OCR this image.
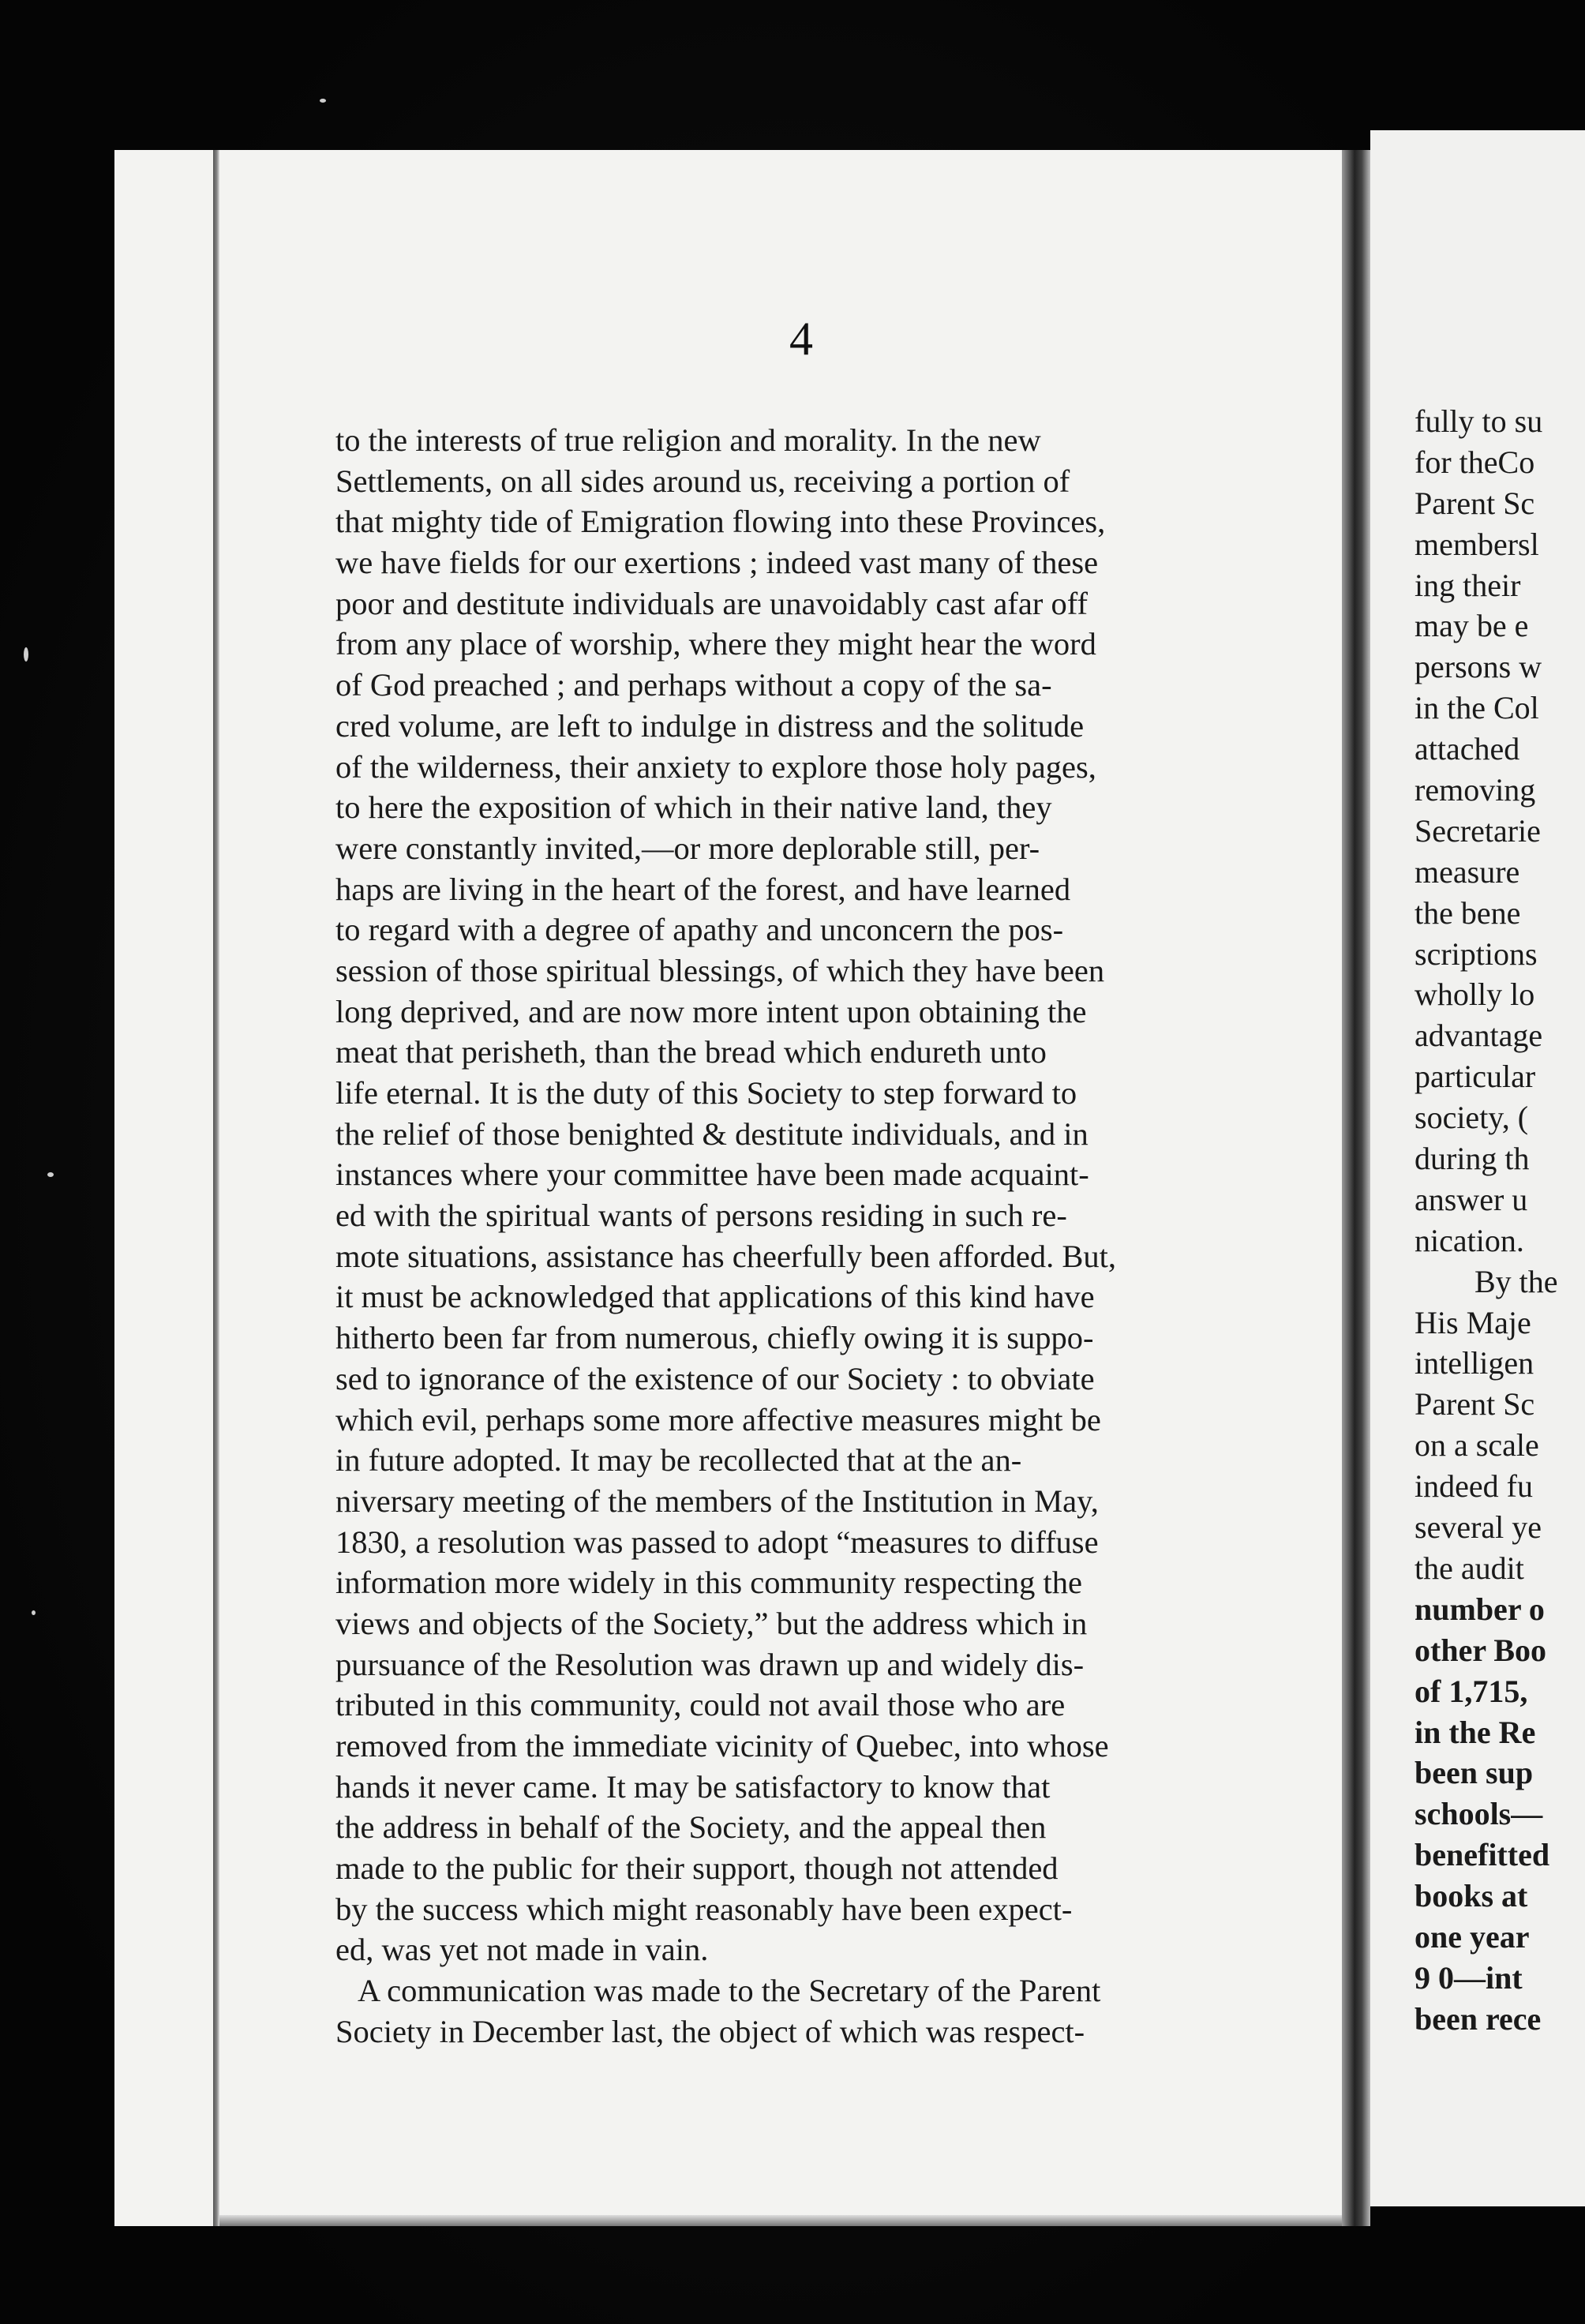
4
to the interests of true religion and morality. In the new
Settlements, on all sides around us, receiving a portion of
that mighty tide of Emigration flowing into these Provinces,
we have fields for our exertions ; indeed vast many of these
poor and destitute individuals are unavoidably cast afar off
from any place of worship, where they might hear the word
of God preached ; and perhaps without a copy of the sa-
cred volume, are left to indulge in distress and the solitude
of the wilderness, their anxiety to explore those holy pages,
to here the exposition of which in their native land, they
were constantly invited,—or more deplorable still, per-
haps are living in the heart of the forest, and have learned
to regard with a degree of apathy and unconcern the pos-
session of those spiritual blessings, of which they have been
long deprived, and are now more intent upon obtaining the
meat that perisheth, than the bread which endureth unto
life eternal. It is the duty of this Society to step forward to
the relief of those benighted & destitute individuals, and in
instances where your committee have been made acquaint-
ed with the spiritual wants of persons residing in such re-
mote situations, assistance has cheerfully been afforded. But,
it must be acknowledged that applications of this kind have
hitherto been far from numerous, chiefly owing it is suppo-
sed to ignorance of the existence of our Society : to obviate
which evil, perhaps some more affective measures might be
in future adopted. It may be recollected that at the an-
niversary meeting of the members of the Institution in May,
1830, a resolution was passed to adopt “measures to diffuse
information more widely in this community respecting the
views and objects of the Society,” but the address which in
pursuance of the Resolution was drawn up and widely dis-
tributed in this community, could not avail those who are
removed from the immediate vicinity of Quebec, into whose
hands it never came. It may be satisfactory to know that
the address in behalf of the Society, and the appeal then
made to the public for their support, though not attended
by the success which might reasonably have been expect-
ed, was yet not made in vain.
A communication was made to the Secretary of the Parent
Society in December last, the object of which was respect-
fully to su
for theCo
Parent Sc
membersl
ing their
may be e
persons w
in the Col
attached
removing
Secretarie
measure
the bene
scriptions
wholly lo
advantage
particular
society, (
during th
answer u
nication.
By the
His Maje
intelligen
Parent Sc
on a scale
indeed fu
several ye
the audit
number o
other Boo
of 1,715,
in the Re
been sup
schools—
benefitted
books at
one year
9 0—int
been rece
